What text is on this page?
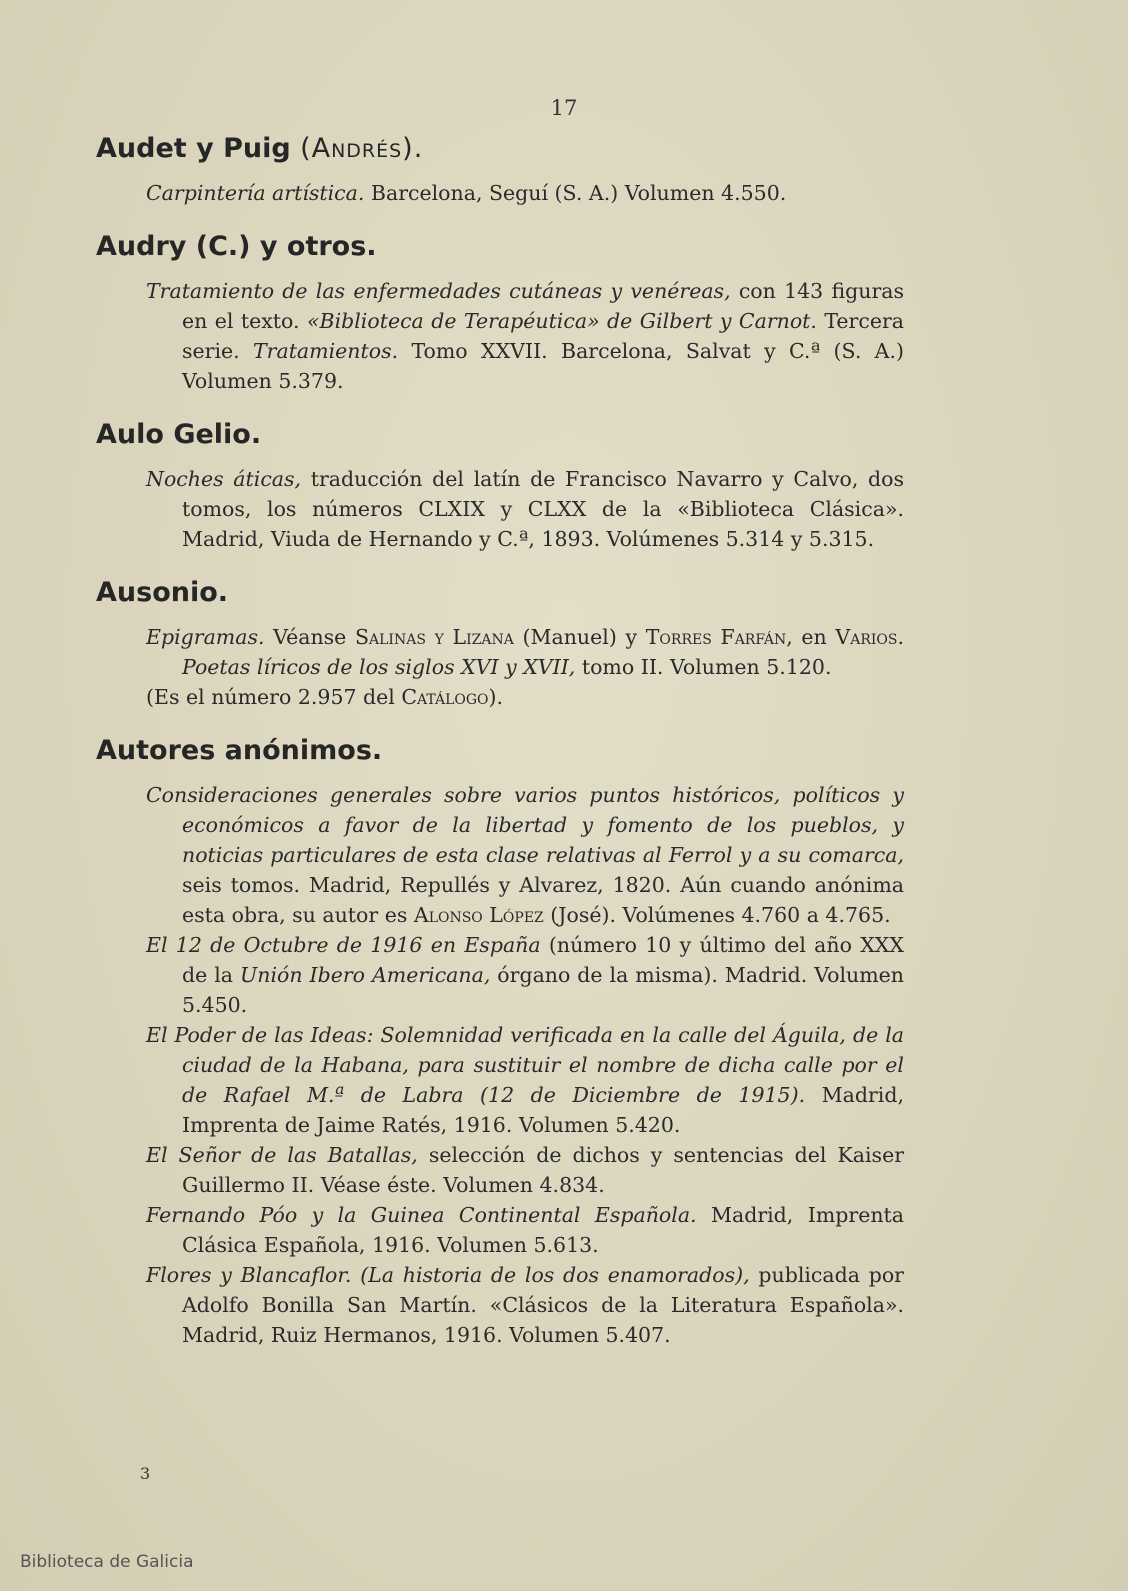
17
Audet y Puig (Andrés).

Carpintería artística. Barcelona, Seguí (S. A.) Volumen 4.550.

Audry (C.) y otros.

Tratamiento de las enfermedades cutáneas y venéreas, con 143 figuras en el texto. «Biblioteca de Terapéutica» de Gilbert y Carnot. Tercera serie. Tratamientos. Tomo XXVII. Barcelona, Salvat y C.ª (S. A.) Volumen 5.379.

Aulo Gelio.

Noches áticas, traducción del latín de Francisco Navarro y Calvo, dos tomos, los números CLXIX y CLXX de la «Biblioteca Clásica». Madrid, Viuda de Hernando y C.ª, 1893. Volúmenes 5.314 y 5.315.

Ausonio.

Epigramas. Véanse Salinas y Lizana (Manuel) y Torres Farfán, en Varios. Poetas líricos de los siglos XVI y XVII, tomo II. Volumen 5.120.

(Es el número 2.957 del Catálogo).

Autores anónimos.

Consideraciones generales sobre varios puntos históricos, políticos y económicos a favor de la libertad y fomento de los pueblos, y noticias particulares de esta clase relativas al Ferrol y a su comarca, seis tomos. Madrid, Repullés y Alvarez, 1820. Aún cuando anónima esta obra, su autor es Alonso López (José). Volúmenes 4.760 a 4.765.

El 12 de Octubre de 1916 en España (número 10 y último del año XXX de la Unión Ibero Americana, órgano de la misma). Madrid. Volumen 5.450.

El Poder de las Ideas: Solemnidad verificada en la calle del Águila, de la ciudad de la Habana, para sustituir el nombre de dicha calle por el de Rafael M.ª de Labra (12 de Diciembre de 1915). Madrid, Imprenta de Jaime Ratés, 1916. Volumen 5.420.

El Señor de las Batallas, selección de dichos y sentencias del Kaiser Guillermo II. Véase éste. Volumen 4.834.

Fernando Póo y la Guinea Continental Española. Madrid, Imprenta Clásica Española, 1916. Volumen 5.613.

Flores y Blancaflor. (La historia de los dos enamorados), publicada por Adolfo Bonilla San Martín. «Clásicos de la Literatura Española». Madrid, Ruiz Hermanos, 1916. Volumen 5.407.

3
Biblioteca de Galicia
